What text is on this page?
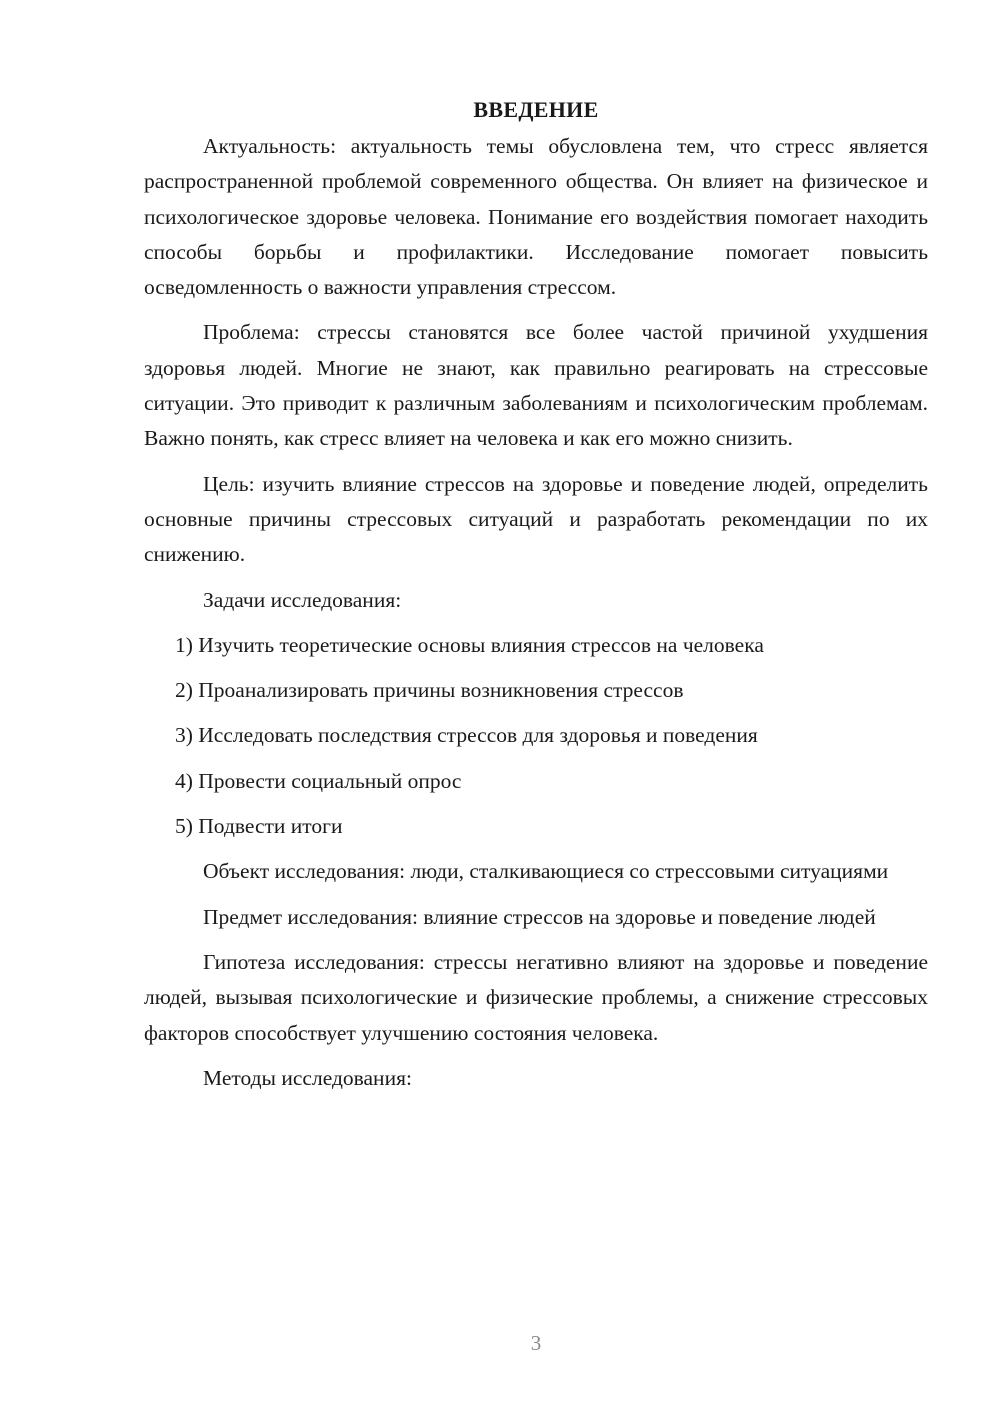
ВВЕДЕНИЕ

Актуальность: актуальность темы обусловлена тем, что стресс является распространенной проблемой современного общества. Он влияет на физическое и психологическое здоровье человека. Понимание его воздействия помогает находить способы борьбы и профилактики. Исследование помогает повысить осведомленность о важности управления стрессом.

Проблема: стрессы становятся все более частой причиной ухудшения здоровья людей. Многие не знают, как правильно реагировать на стрессовые ситуации. Это приводит к различным заболеваниям и психологическим проблемам. Важно понять, как стресс влияет на человека и как его можно снизить.

Цель: изучить влияние стрессов на здоровье и поведение людей, определить основные причины стрессовых ситуаций и разработать рекомендации по их снижению.

Задачи исследования:

1) Изучить теоретические основы влияния стрессов на человека
2) Проанализировать причины возникновения стрессов
3) Исследовать последствия стрессов для здоровья и поведения
4) Провести социальный опрос
5) Подвести итоги

Объект исследования: люди, сталкивающиеся со стрессовыми ситуациями

Предмет исследования: влияние стрессов на здоровье и поведение людей

Гипотеза исследования: стрессы негативно влияют на здоровье и поведение людей, вызывая психологические и физические проблемы, а снижение стрессовых факторов способствует улучшению состояния человека.

Методы исследования:

3
